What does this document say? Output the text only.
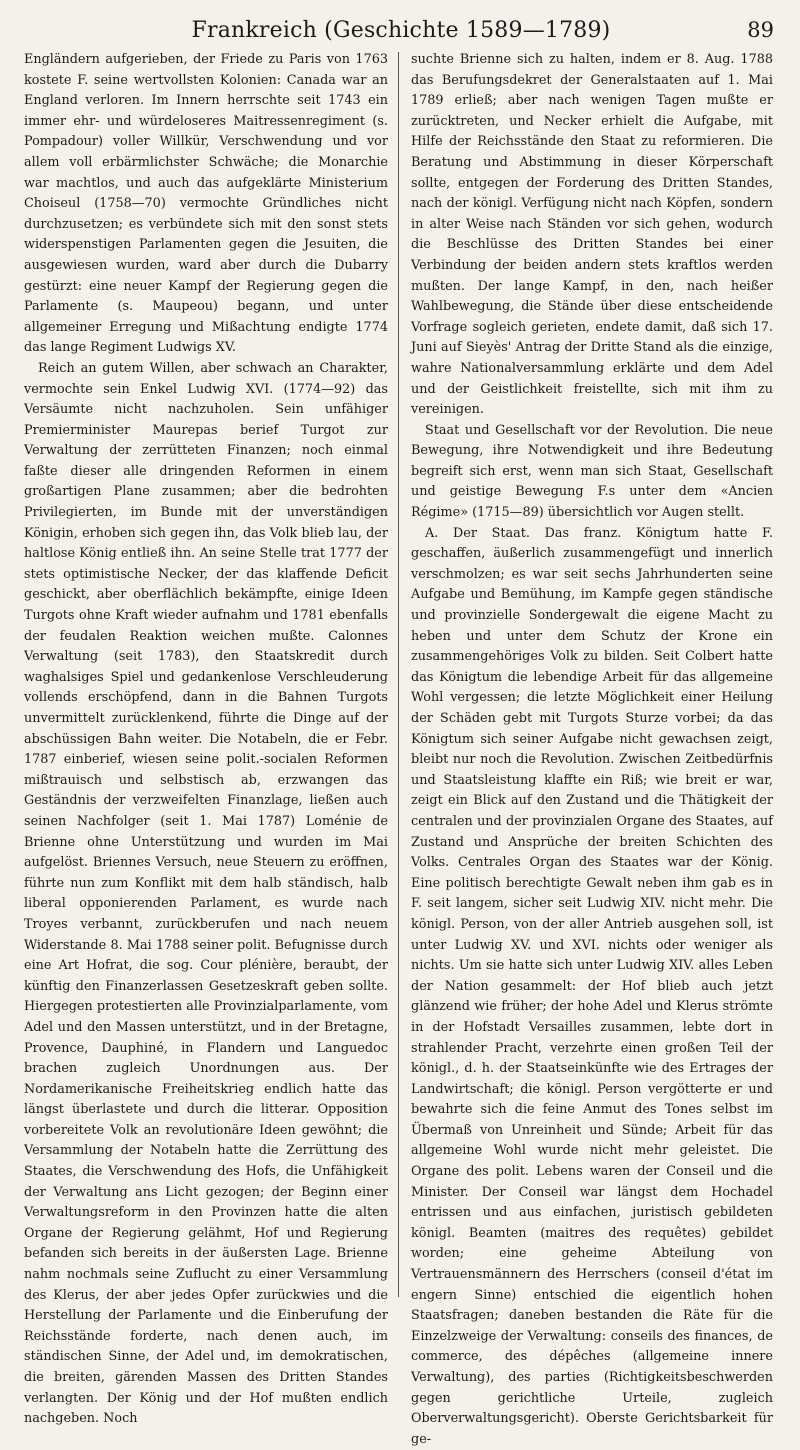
Frankreich (Geschichte 1589—1789)	89

Engländern aufgerieben, der Friede zu Paris von 1763 kostete F. seine wertvollsten Kolonien: Canada war an England verloren. Im Innern herrschte seit 1743 ein immer ehr- und würdeloseres Maitressenregiment (s. Pompadour) voller Willkür, Verschwendung und vor allem voll erbärmlichster Schwäche; die Monarchie war machtlos, und auch das aufgeklärte Ministerium Choiseul (1758—70) vermochte Gründliches nicht durchzusetzen; es verbündete sich mit den sonst stets widerspenstigen Parlamenten gegen die Jesuiten, die ausgewiesen wurden, ward aber durch die Dubarry gestürzt: eine neuer Kampf der Regierung gegen die Parlamente (s. Maupeou) begann, und unter allgemeiner Erregung und Mißachtung endigte 1774 das lange Regiment Ludwigs XV.

Reich an gutem Willen, aber schwach an Charakter, vermochte sein Enkel Ludwig XVI. (1774—92) das Versäumte nicht nachzuholen. Sein unfähiger Premierminister Maurepas berief Turgot zur Verwaltung der zerrütteten Finanzen; noch einmal faßte dieser alle dringenden Reformen in einem großartigen Plane zusammen; aber die bedrohten Privilegierten, im Bunde mit der unverständigen Königin, erhoben sich gegen ihn, das Volk blieb lau, der haltlose König entließ ihn. An seine Stelle trat 1777 der stets optimistische Necker, der das klaffende Deficit geschickt, aber oberflächlich bekämpfte, einige Ideen Turgots ohne Kraft wieder aufnahm und 1781 ebenfalls der feudalen Reaktion weichen mußte. Calonnes Verwaltung (seit 1783), den Staatskredit durch waghalsiges Spiel und gedankenlose Verschleuderung vollends erschöpfend, dann in die Bahnen Turgots unvermittelt zurücklenkend, führte die Dinge auf der abschüssigen Bahn weiter. Die Notabeln, die er Febr. 1787 einberief, wiesen seine polit.-socialen Reformen mißtrauisch und selbstisch ab, erzwangen das Geständnis der verzweifelten Finanzlage, ließen auch seinen Nachfolger (seit 1. Mai 1787) Loménie de Brienne ohne Unterstützung und wurden im Mai aufgelöst. Briennes Versuch, neue Steuern zu eröffnen, führte nun zum Konflikt mit dem halb ständisch, halb liberal opponierenden Parlament, es wurde nach Troyes verbannt, zurückberufen und nach neuem Widerstande 8. Mai 1788 seiner polit. Befugnisse durch eine Art Hofrat, die sog. Cour plénière, beraubt, der künftig den Finanzerlassen Gesetzeskraft geben sollte. Hiergegen protestierten alle Provinzialparlamente, vom Adel und den Massen unterstützt, und in der Bretagne, Provence, Dauphiné, in Flandern und Languedoc brachen zugleich Unordnungen aus. Der Nordamerikanische Freiheitskrieg endlich hatte das längst überlastete und durch die litterar. Opposition vorbereitete Volk an revolutionäre Ideen gewöhnt; die Versammlung der Notabeln hatte die Zerrüttung des Staates, die Verschwendung des Hofs, die Unfähigkeit der Verwaltung ans Licht gezogen; der Beginn einer Verwaltungsreform in den Provinzen hatte die alten Organe der Regierung gelähmt, Hof und Regierung befanden sich bereits in der äußersten Lage. Brienne nahm nochmals seine Zuflucht zu einer Versammlung des Klerus, der aber jedes Opfer zurückwies und die Herstellung der Parlamente und die Einberufung der Reichsstände forderte, nach denen auch, im ständischen Sinne, der Adel und, im demokratischen, die breiten, gärenden Massen des Dritten Standes verlangten. Der König und der Hof mußten endlich nachgeben. Noch

suchte Brienne sich zu halten, indem er 8. Aug. 1788 das Berufungsdekret der Generalstaaten auf 1. Mai 1789 erließ; aber nach wenigen Tagen mußte er zurücktreten, und Necker erhielt die Aufgabe, mit Hilfe der Reichsstände den Staat zu reformieren. Die Beratung und Abstimmung in dieser Körperschaft sollte, entgegen der Forderung des Dritten Standes, nach der königl. Verfügung nicht nach Köpfen, sondern in alter Weise nach Ständen vor sich gehen, wodurch die Beschlüsse des Dritten Standes bei einer Verbindung der beiden andern stets kraftlos werden mußten. Der lange Kampf, in den, nach heißer Wahlbewegung, die Stände über diese entscheidende Vorfrage sogleich gerieten, endete damit, daß sich 17. Juni auf Sieyès' Antrag der Dritte Stand als die einzige, wahre Nationalversammlung erklärte und dem Adel und der Geistlichkeit freistellte, sich mit ihm zu vereinigen.

Staat und Gesellschaft vor der Revolution. Die neue Bewegung, ihre Notwendigkeit und ihre Bedeutung begreift sich erst, wenn man sich Staat, Gesellschaft und geistige Bewegung F.s unter dem «Ancien Régime» (1715—89) übersichtlich vor Augen stellt.

A. Der Staat. Das franz. Königtum hatte F. geschaffen, äußerlich zusammengefügt und innerlich verschmolzen; es war seit sechs Jahrhunderten seine Aufgabe und Bemühung, im Kampfe gegen ständische und provinzielle Sondergewalt die eigene Macht zu heben und unter dem Schutz der Krone ein zusammengehöriges Volk zu bilden. Seit Colbert hatte das Königtum die lebendige Arbeit für das allgemeine Wohl vergessen; die letzte Möglichkeit einer Heilung der Schäden gebt mit Turgots Sturze vorbei; da das Königtum sich seiner Aufgabe nicht gewachsen zeigt, bleibt nur noch die Revolution. Zwischen Zeitbedürfnis und Staatsleistung klaffte ein Riß; wie breit er war, zeigt ein Blick auf den Zustand und die Thätigkeit der centralen und der provinzialen Organe des Staates, auf Zustand und Ansprüche der breiten Schichten des Volks. Centrales Organ des Staates war der König. Eine politisch berechtigte Gewalt neben ihm gab es in F. seit langem, sicher seit Ludwig XIV. nicht mehr. Die königl. Person, von der aller Antrieb ausgehen soll, ist unter Ludwig XV. und XVI. nichts oder weniger als nichts. Um sie hatte sich unter Ludwig XIV. alles Leben der Nation gesammelt: der Hof blieb auch jetzt glänzend wie früher; der hohe Adel und Klerus strömte in der Hofstadt Versailles zusammen, lebte dort in strahlender Pracht, verzehrte einen großen Teil der königl., d. h. der Staatseinkünfte wie des Ertrages der Landwirtschaft; die königl. Person vergötterte er und bewahrte sich die feine Anmut des Tones selbst im Übermaß von Unreinheit und Sünde; Arbeit für das allgemeine Wohl wurde nicht mehr geleistet. Die Organe des polit. Lebens waren der Conseil und die Minister. Der Conseil war längst dem Hochadel entrissen und aus einfachen, juristisch gebildeten königl. Beamten (maitres des requêtes) gebildet worden; eine geheime Abteilung von Vertrauensmännern des Herrschers (conseil d'état im engern Sinne) entschied die eigentlich hohen Staatsfragen; daneben bestanden die Räte für die Einzelzweige der Verwaltung: conseils des finances, de commerce, des dépêches (allgemeine innere Verwaltung), des parties (Richtigkeitsbeschwerden gegen gerichtliche Urteile, zugleich Oberverwaltungsgericht). Oberste Gerichtsbarkeit für ge-
